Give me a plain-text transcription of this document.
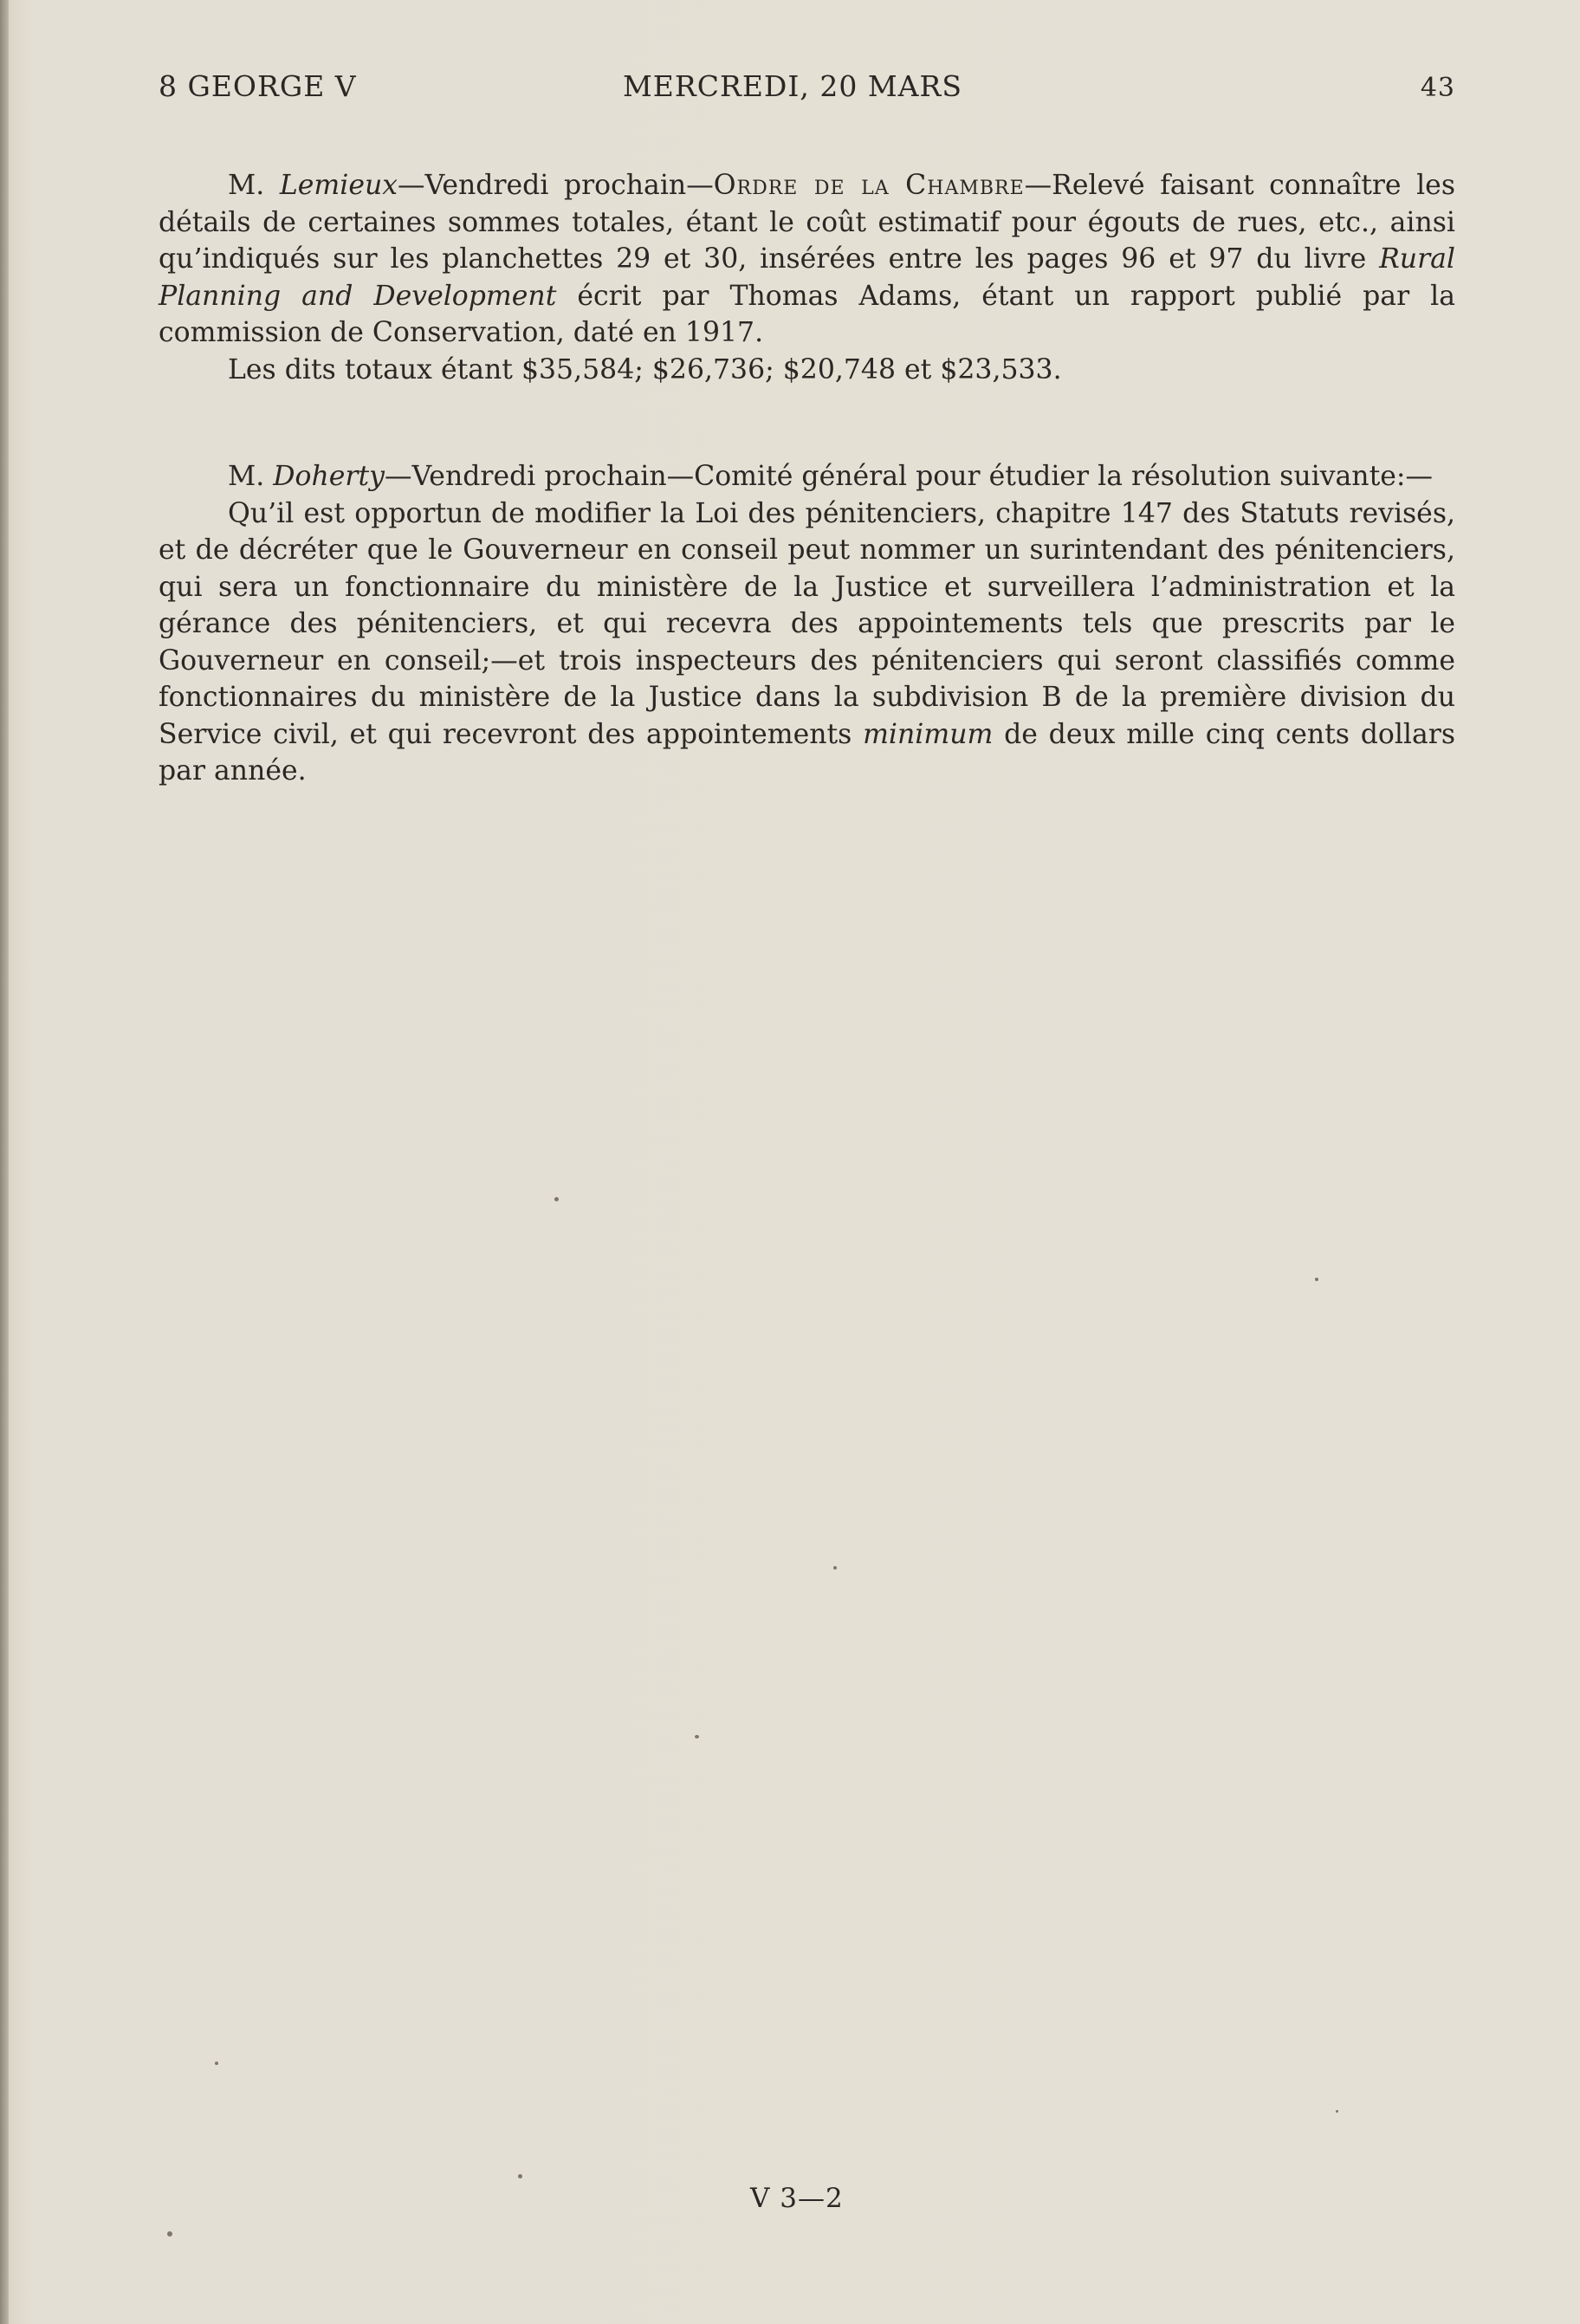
8 GEORGE V	MERCREDI, 20 MARS	43

M. Lemieux—Vendredi prochain—Ordre de la Chambre—Relevé faisant connaître les détails de certaines sommes totales, étant le coût estimatif pour égouts de rues, etc., ainsi qu’indiqués sur les planchettes 29 et 30, insérées entre les pages 96 et 97 du livre Rural Planning and Development écrit par Thomas Adams, étant un rapport publié par la commission de Conservation, daté en 1917.

Les dits totaux étant $35,584; $26,736; $20,748 et $23,533.

M. Doherty—Vendredi prochain—Comité général pour étudier la résolution suivante:—

Qu’il est opportun de modifier la Loi des pénitenciers, chapitre 147 des Statuts revisés, et de décréter que le Gouverneur en conseil peut nommer un surintendant des pénitenciers, qui sera un fonctionnaire du ministère de la Justice et surveillera l’administration et la gérance des pénitenciers, et qui recevra des appointements tels que prescrits par le Gouverneur en conseil;—et trois inspecteurs des pénitenciers qui seront classifiés comme fonctionnaires du ministère de la Justice dans la subdivision B de la première division du Service civil, et qui recevront des appointements minimum de deux mille cinq cents dollars par année.

V 3—2
